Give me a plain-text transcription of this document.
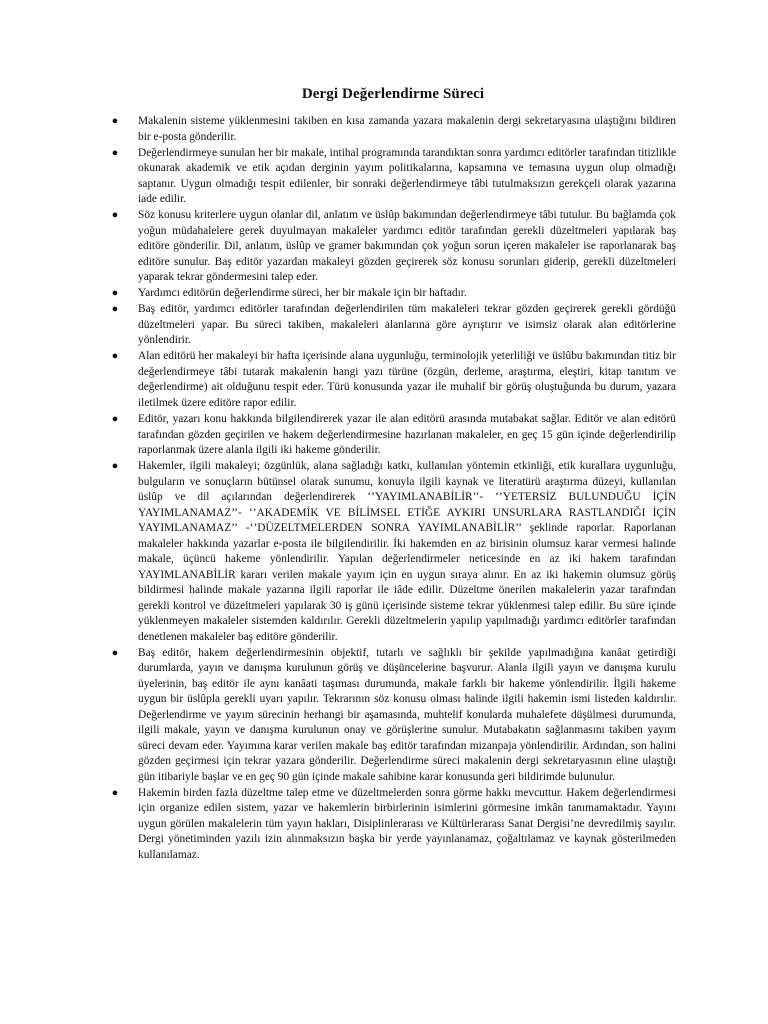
Dergi Değerlendirme Süreci
● Makalenin sisteme yüklenmesini takiben en kısa zamanda yazara makalenin dergi sekretaryasına ulaştığını bildiren bir e-posta gönderilir.
● Değerlendirmeye sunulan her bir makale, intihal programında tarandıktan sonra yardımcı editörler tarafından titizlikle okunarak akademik ve etik açıdan derginin yayım politikalarına, kapsamına ve temasına uygun olup olmadığı saptanır. Uygun olmadığı tespit edilenler, bir sonraki değerlendirmeye tâbi tutulmaksızın gerekçeli olarak yazarına iade edilir.
● Söz konusu kriterlere uygun olanlar dil, anlatım ve üslûp bakımından değerlendirmeye tâbi tutulur. Bu bağlamda çok yoğun müdahalelere gerek duyulmayan makaleler yardımcı editör tarafından gerekli düzeltmeleri yapılarak baş editöre gönderilir. Dil, anlatım, üslûp ve gramer bakımından çok yoğun sorun içeren makaleler ise raporlanarak baş editöre sunulur. Baş editör yazardan makaleyi gözden geçirerek söz konusu sorunları giderip, gerekli düzeltmeleri yaparak tekrar göndermesini talep eder.
● Yardımcı editörün değerlendirme süreci, her bir makale için bir haftadır.
● Baş editör, yardımcı editörler tarafından değerlendirilen tüm makaleleri tekrar gözden geçirerek gerekli gördüğü düzeltmeleri yapar. Bu süreci takiben, makaleleri alanlarına göre ayrıştırır ve isimsiz olarak alan editörlerine yönlendirir.
● Alan editörü her makaleyi bir hafta içerisinde alana uygunluğu, terminolojik yeterliliği ve üslûbu bakımından titiz bir değerlendirmeye tâbi tutarak makalenin hangi yazı türüne (özgün, derleme, araştırma, eleştiri, kitap tanıtım ve değerlendirme) ait olduğunu tespit eder. Türü konusunda yazar ile muhalif bir görüş oluştuğunda bu durum, yazara iletilmek üzere editöre rapor edilir.
● Editör, yazarı konu hakkında bilgilendirerek yazar ile alan editörü arasında mutabakat sağlar. Editör ve alan editörü tarafından gözden geçirilen ve hakem değerlendirmesine hazırlanan makaleler, en geç 15 gün içinde değerlendirilip raporlanmak üzere alanla ilgili iki hakeme gönderilir.
● Hakemler, ilgili makaleyi; özgünlük, alana sağladığı katkı, kullanılan yöntemin etkinliği, etik kurallara uygunluğu, bulguların ve sonuçların bütünsel olarak sunumu, konuyla ilgili kaynak ve literatürü araştırma düzeyi, kullanılan üslûp ve dil açılarından değerlendirerek ‘’YAYIMLANABİLİR’’- ‘’YETERSİZ BULUNDUĞU İÇİN YAYIMLANAMAZ’’- ‘’AKADEMİK VE BİLİMSEL ETİĞE AYKIRI UNSURLARA RASTLANDIĞI İÇİN YAYIMLANAMAZ’’ -‘’DÜZELTMELERDEN SONRA YAYIMLANABİLİR’’ şeklinde raporlar. Raporlanan makaleler hakkında yazarlar e-posta ile bilgilendirilir. İki hakemden en az birisinin olumsuz karar vermesi halinde makale, üçüncü hakeme yönlendirilir. Yapılan değerlendirmeler neticesinde en az iki hakem tarafından YAYIMLANABİLİR kararı verilen makale yayım için en uygun sıraya alınır. En az iki hakemin olumsuz görüş bildirmesi halinde makale yazarına ilgili raporlar ile iâde edilir. Düzeltme önerilen makalelerin yazar tarafından gerekli kontrol ve düzeltmeleri yapılarak 30 iş günü içerisinde sisteme tekrar yüklenmesi talep edilir. Bu süre içinde yüklenmeyen makaleler sistemden kaldırılır. Gerekli düzeltmelerin yapılıp yapılmadığı yardımcı editörler tarafından denetlenen makaleler baş editöre gönderilir.
● Baş editör, hakem değerlendirmesinin objektif, tutarlı ve sağlıklı bir şekilde yapılmadığına kanâat getirdiği durumlarda, yayın ve danışma kurulunun görüş ve düşüncelerine başvurur. Alanla ilgili yayın ve danışma kurulu üyelerinin, baş editör ile aynı kanâati taşıması durumunda, makale farklı bir hakeme yönlendirilir. İlgili hakeme uygun bir üslûpla gerekli uyarı yapılır. Tekrarının söz konusu olması halinde ilgili hakemin ismi listeden kaldırılır. Değerlendirme ve yayım sürecinin herhangi bir aşamasında, muhtelif konularda muhalefete düşülmesi durumunda, ilgili makale, yayın ve danışma kurulunun onay ve görüşlerine sunulur. Mutabakatın sağlanmasını takiben yayım süreci devam eder. Yayımına karar verilen makale baş editör tarafından mizanpaja yönlendirilir. Ardından, son halini gözden geçirmesi için tekrar yazara gönderilir. Değerlendirme süreci makalenin dergi sekretaryasının eline ulaştığı gün itibariyle başlar ve en geç 90 gün içinde makale sahibine karar konusunda geri bildirimde bulunulur.
● Hakemin birden fazla düzeltme talep etme ve düzeltmelerden sonra görme hakkı mevcuttur. Hakem değerlendirmesi için organize edilen sistem, yazar ve hakemlerin birbirlerinin isimlerini görmesine imkân tanımamaktadır. Yayını uygun görülen makalelerin tüm yayın hakları, Disiplinlerarası ve Kültürlerarası Sanat Dergisi’ne devredilmiş sayılır. Dergi yönetiminden yazılı izin alınmaksızın başka bir yerde yayınlanamaz, çoğaltılamaz ve kaynak gösterilmeden kullanılamaz.
